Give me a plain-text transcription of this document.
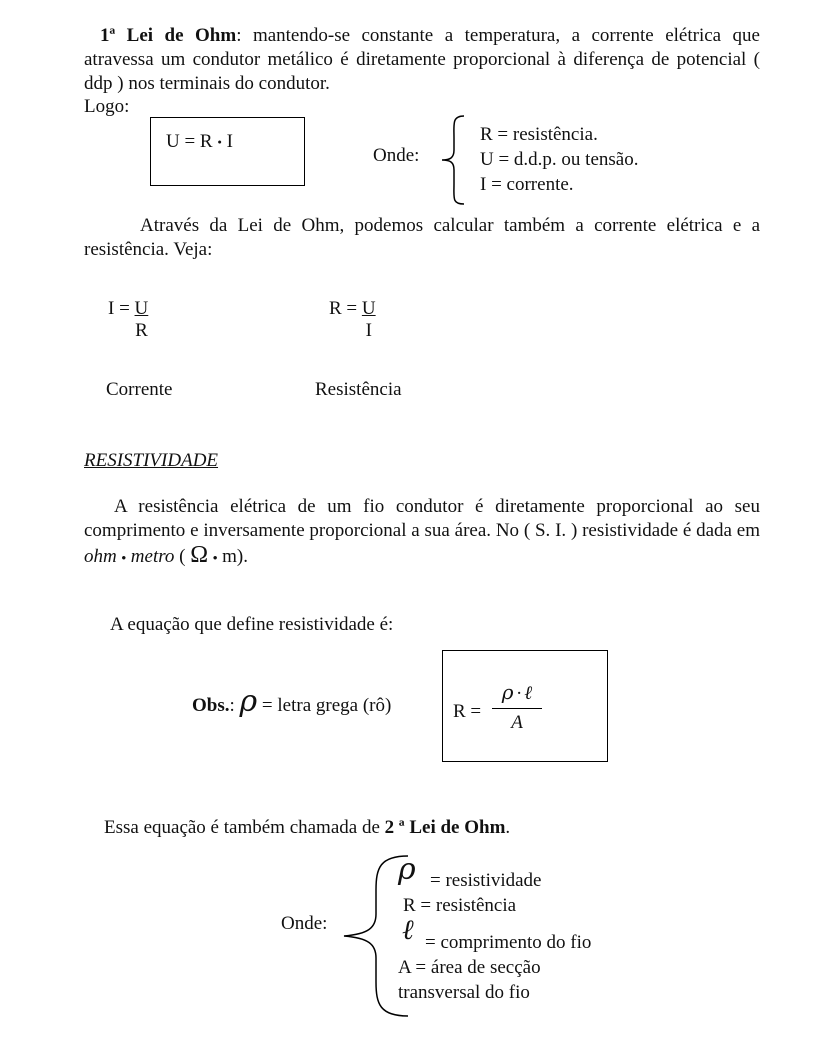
1ª Lei de Ohm: mantendo-se constante a temperatura, a corrente elétrica que atravessa um condutor metálico é diretamente proporcional à diferença de potencial ( ddp ) nos terminais do condutor.
Logo:
U = R • I
Onde:
R = resistência.
U = d.d.p. ou tensão.
I = corrente.
Através da Lei de Ohm, podemos calcular também a corrente elétrica e a resistência. Veja:
$I = \frac{U}{R}$	$R = \frac{U}{I}$
Corrente	Resistência
RESISTIVIDADE
A resistência elétrica de um fio condutor é diretamente proporcional ao seu comprimento e inversamente proporcional a sua área. No ( S. I. ) resistividade é dada em ohm • metro ( Ω • m).
A equação que define resistividade é:
Obs.: ρ = letra grega (rô)	R =
ρ · ℓ
A
Essa equação é também chamada de 2 ª Lei de Ohm.
Onde:
ρ = resistividade
R = resistência
ℓ = comprimento do fio
A = área de secção
transversal do fio
